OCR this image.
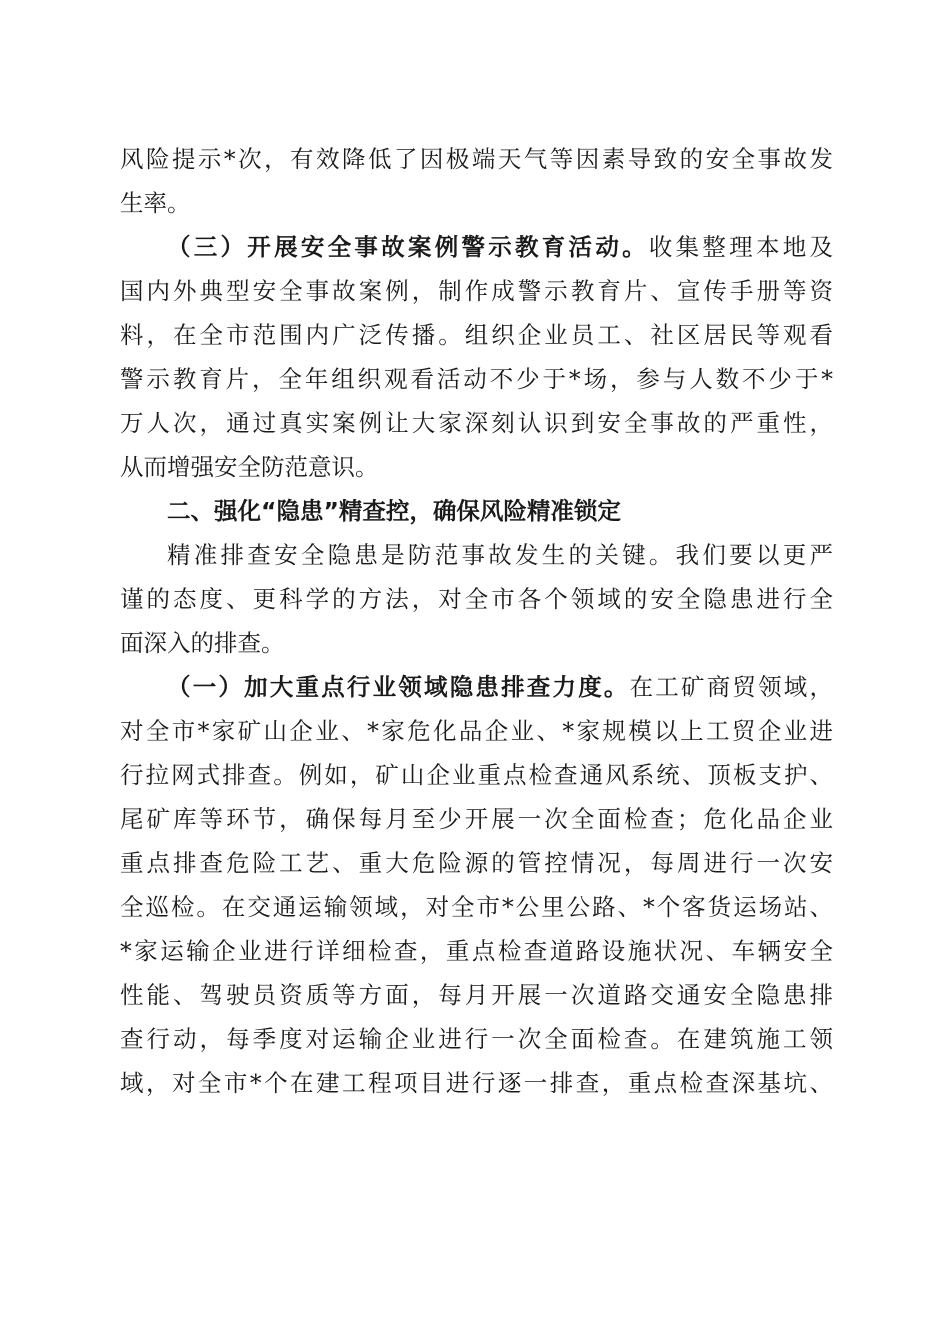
风险提示*次，有效降低了因极端天气等因素导致的安全事故发
生率。
（三）开展安全事故案例警示教育活动。收集整理本地及
国内外典型安全事故案例，制作成警示教育片、宣传手册等资
料，在全市范围内广泛传播。组织企业员工、社区居民等观看
警示教育片，全年组织观看活动不少于*场，参与人数不少于*
万人次，通过真实案例让大家深刻认识到安全事故的严重性，
从而增强安全防范意识。
二、强化“隐患”精查控，确保风险精准锁定
精准排查安全隐患是防范事故发生的关键。我们要以更严
谨的态度、更科学的方法，对全市各个领域的安全隐患进行全
面深入的排查。
（一）加大重点行业领域隐患排查力度。在工矿商贸领域，
对全市*家矿山企业、*家危化品企业、*家规模以上工贸企业进
行拉网式排查。例如，矿山企业重点检查通风系统、顶板支护、
尾矿库等环节，确保每月至少开展一次全面检查；危化品企业
重点排查危险工艺、重大危险源的管控情况，每周进行一次安
全巡检。在交通运输领域，对全市*公里公路、*个客货运场站、
*家运输企业进行详细检查，重点检查道路设施状况、车辆安全
性能、驾驶员资质等方面，每月开展一次道路交通安全隐患排
查行动，每季度对运输企业进行一次全面检查。在建筑施工领
域，对全市*个在建工程项目进行逐一排查，重点检查深基坑、
